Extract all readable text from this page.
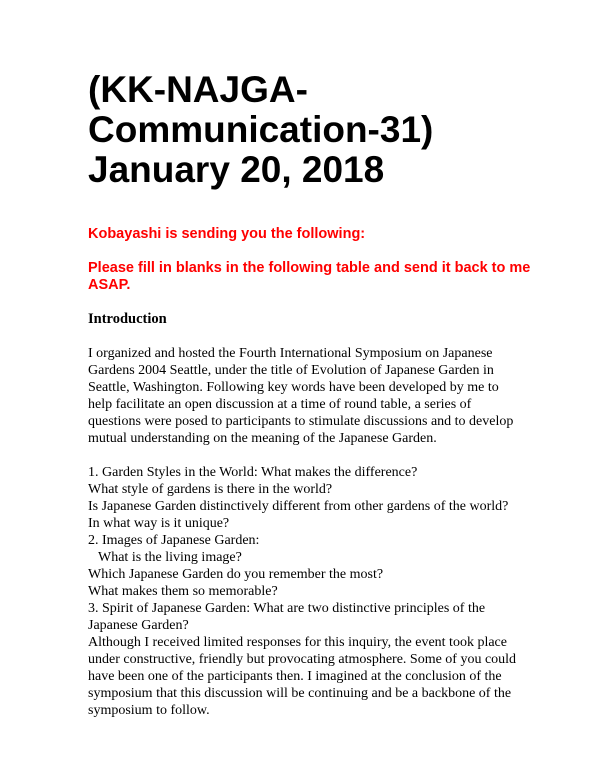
(KK-NAJGA-
Communication-31)
January 20, 2018

Kobayashi is sending you the following:

Please fill in blanks in the following table and send it back to me
ASAP.

Introduction

I organized and hosted the Fourth International Symposium on Japanese
Gardens 2004 Seattle, under the title of Evolution of Japanese Garden in
Seattle, Washington. Following key words have been developed by me to
help facilitate an open discussion at a time of round table, a series of
questions were posed to participants to stimulate discussions and to develop
mutual understanding on the meaning of the Japanese Garden.

1. Garden Styles in the World: What makes the difference?
What style of gardens is there in the world?
Is Japanese Garden distinctively different from other gardens of the world?
In what way is it unique?
2. Images of Japanese Garden:
What is the living image?
Which Japanese Garden do you remember the most?
What makes them so memorable?
3. Spirit of Japanese Garden: What are two distinctive principles of the
Japanese Garden?
Although I received limited responses for this inquiry, the event took place
under constructive, friendly but provocating atmosphere. Some of you could
have been one of the participants then. I imagined at the conclusion of the
symposium that this discussion will be continuing and be a backbone of the
symposium to follow.
